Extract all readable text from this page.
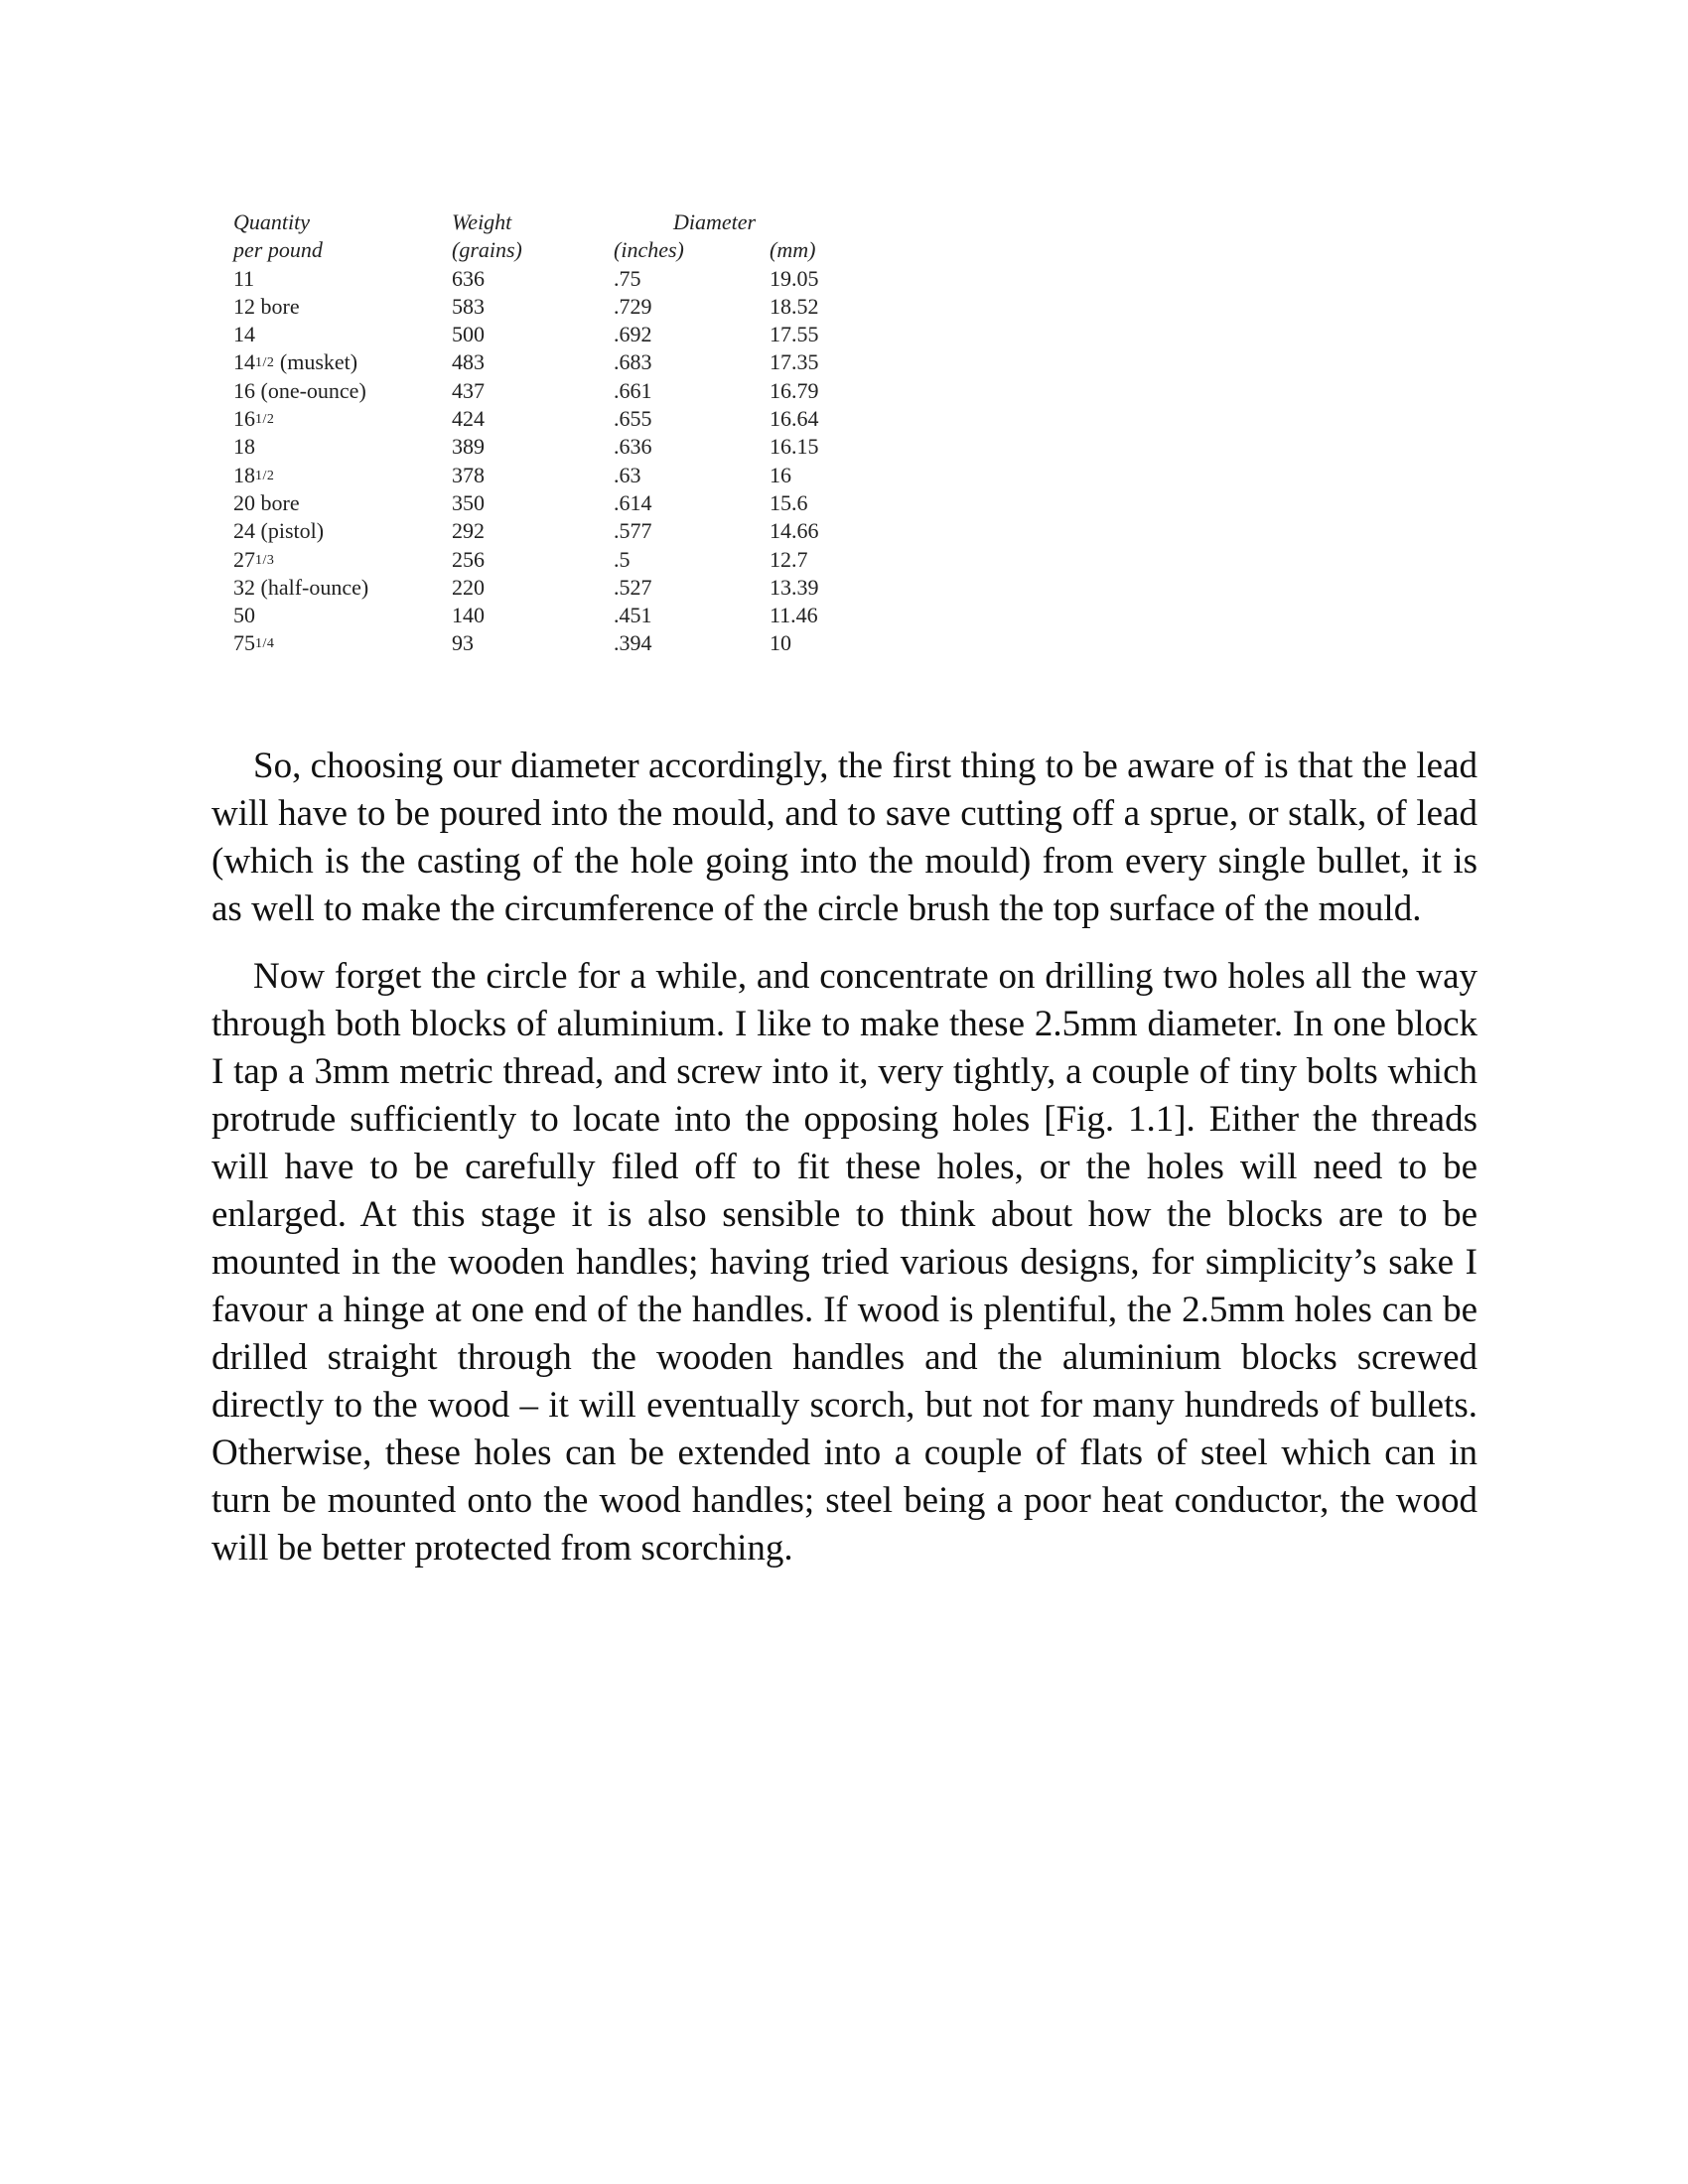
Quantity	Weight	Diameter
per pound	(grains)	(inches)	(mm)
11	636	.75	19.05
12 bore	583	.729	18.52
14	500	.692	17.55
141/2 (musket)	483	.683	17.35
16 (one-ounce)	437	.661	16.79
161/2	424	.655	16.64
18	389	.636	16.15
181/2	378	.63	16
20 bore	350	.614	15.6
24 (pistol)	292	.577	14.66
271/3	256	.5	12.7
32 (half-ounce)	220	.527	13.39
50	140	.451	11.46
751/4	93	.394	10

So, choosing our diameter accordingly, the first thing to be aware of is that the lead will have to be poured into the mould, and to save cutting off a sprue, or stalk, of lead (which is the casting of the hole going into the mould) from every single bullet, it is as well to make the circumference of the circle brush the top surface of the mould.

Now forget the circle for a while, and concentrate on drilling two holes all the way through both blocks of aluminium. I like to make these 2.5mm diameter. In one block I tap a 3mm metric thread, and screw into it, very tightly, a couple of tiny bolts which protrude sufficiently to locate into the opposing holes [Fig. 1.1]. Either the threads will have to be carefully filed off to fit these holes, or the holes will need to be enlarged. At this stage it is also sensible to think about how the blocks are to be mounted in the wooden handles; having tried various designs, for simplicity’s sake I favour a hinge at one end of the handles. If wood is plentiful, the 2.5mm holes can be drilled straight through the wooden handles and the aluminium blocks screwed directly to the wood – it will eventually scorch, but not for many hundreds of bullets. Otherwise, these holes can be extended into a couple of flats of steel which can in turn be mounted onto the wood handles; steel being a poor heat conductor, the wood will be better protected from scorching.
